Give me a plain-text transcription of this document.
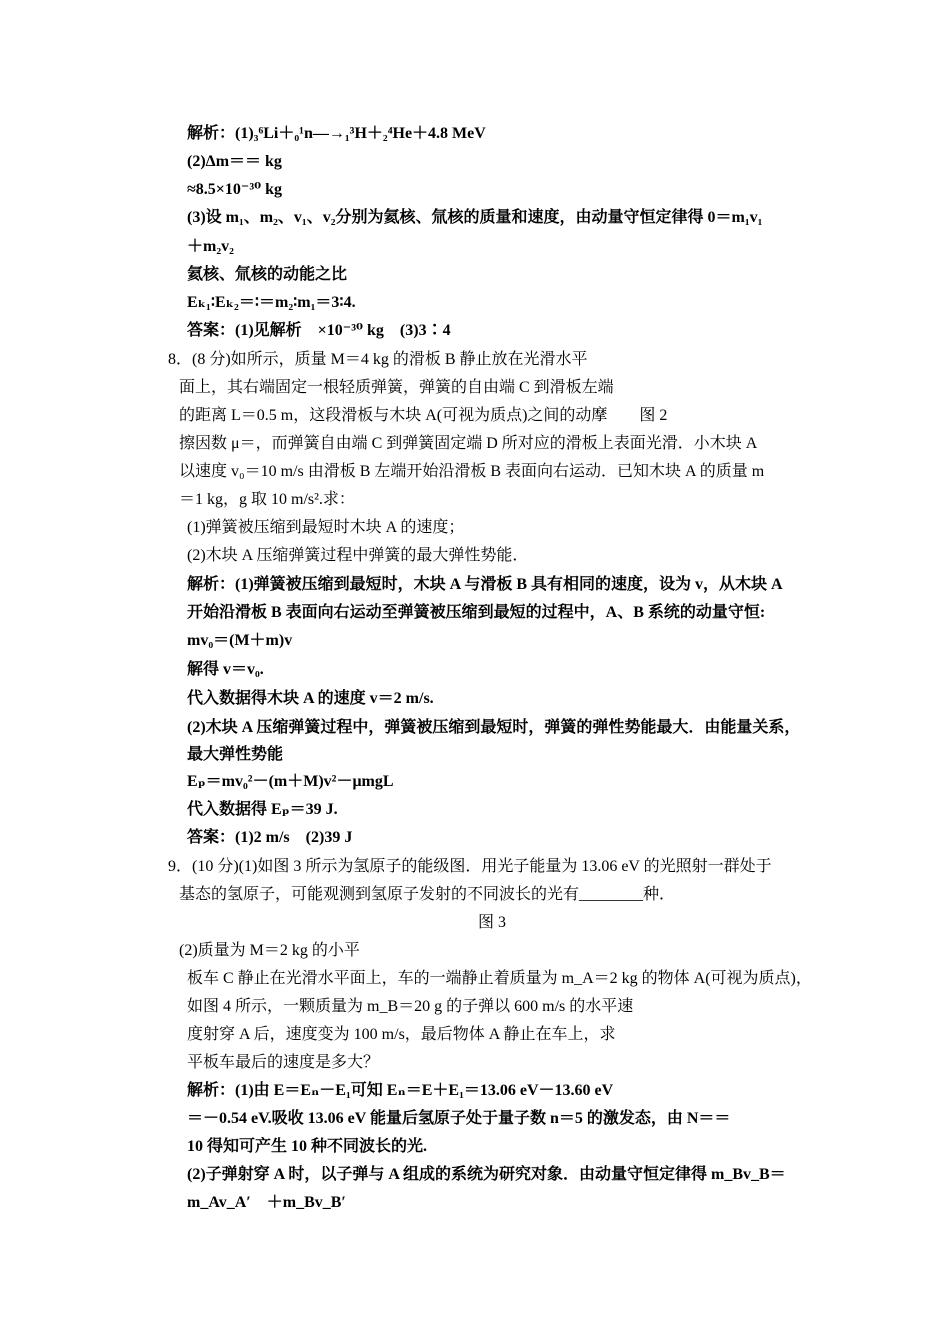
解析：(1)₃⁶Li＋₀¹n—→₁³H＋₂⁴He＋4.8 MeV
(2)Δm＝＝ kg
≈8.5×10⁻³⁰ kg
(3)设 m₁、m₂、v₁、v₂分别为氦核、氚核的质量和速度，由动量守恒定律得 0＝m₁v₁
＋m₂v₂
氦核、氚核的动能之比
Eₖ₁∶Eₖ₂＝∶＝m₂∶m₁＝3∶4.
答案：(1)见解析　×10⁻³⁰ kg　(3)3∶4
8．(8 分)如所示，质量 M＝4 kg 的滑板 B 静止放在光滑水平
面上，其右端固定一根轻质弹簧，弹簧的自由端 C 到滑板左端
的距离 L＝0.5 m，这段滑板与木块 A(可视为质点)之间的动摩　　图 2
擦因数 μ＝，而弹簧自由端 C 到弹簧固定端 D 所对应的滑板上表面光滑．小木块 A
以速度 v₀＝10 m/s 由滑板 B 左端开始沿滑板 B 表面向右运动．已知木块 A 的质量 m
＝1 kg，g 取 10 m/s².求：
(1)弹簧被压缩到最短时木块 A 的速度；
(2)木块 A 压缩弹簧过程中弹簧的最大弹性势能．
解析：(1)弹簧被压缩到最短时，木块 A 与滑板 B 具有相同的速度，设为 v，从木块 A
开始沿滑板 B 表面向右运动至弹簧被压缩到最短的过程中，A、B 系统的动量守恒:
mv₀＝(M＋m)v
解得 v＝v₀.
代入数据得木块 A 的速度 v＝2 m/s.
(2)木块 A 压缩弹簧过程中，弹簧被压缩到最短时，弹簧的弹性势能最大．由能量关系，
最大弹性势能
Eₚ＝mv₀²－(m＋M)v²－μmgL
代入数据得 Eₚ＝39 J.
答案：(1)2 m/s　(2)39 J
9．(10 分)(1)如图 3 所示为氢原子的能级图．用光子能量为 13.06 eV 的光照射一群处于
基态的氢原子，可能观测到氢原子发射的不同波长的光有________种．
图 3
(2)质量为 M＝2 kg 的小平
板车 C 静止在光滑水平面上，车的一端静止着质量为 m_A＝2 kg 的物体 A(可视为质点)，
如图 4 所示，一颗质量为 m_B＝20 g 的子弹以 600 m/s 的水平速
度射穿 A 后，速度变为 100 m/s，最后物体 A 静止在车上，求
平板车最后的速度是多大？
解析：(1)由 E＝Eₙ－E₁可知 Eₙ＝E＋E₁＝13.06 eV－13.60 eV
＝－0.54 eV.吸收 13.06 eV 能量后氢原子处于量子数 n＝5 的激发态，由 N＝＝
10 得知可产生 10 种不同波长的光.
(2)子弹射穿 A 时，以子弹与 A 组成的系统为研究对象．由动量守恒定律得 m_Bv_B＝
m_Av_A′　＋m_Bv_B′
